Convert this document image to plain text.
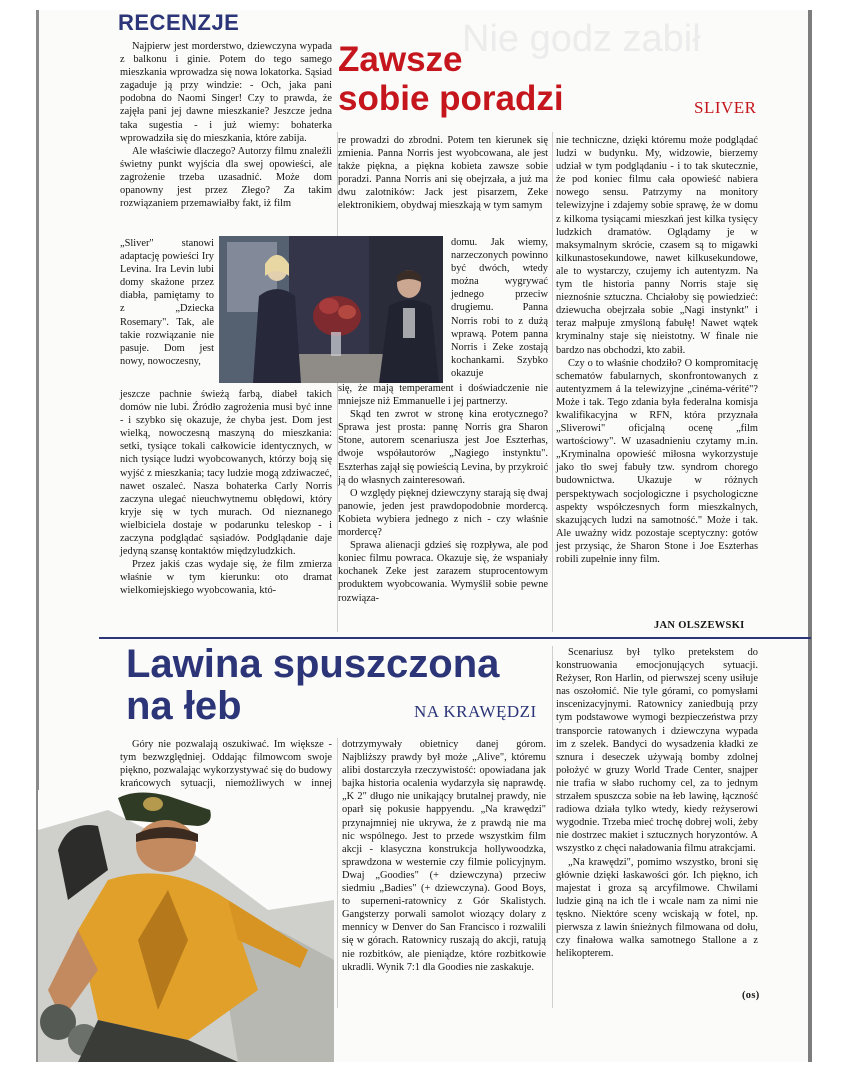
Nie godz zabił
RECENZJE
Zawsze
sobie poradzi	SLIVER

Najpierw jest morderstwo, dziewczyna wypada z balkonu i ginie. Potem do tego samego mieszkania wprowadza się nowa lokatorka. Sąsiad zagaduje ją przy windzie: - Och, jaka pani podobna do Naomi Singer! Czy to prawda, że zajęła pani jej dawne mieszkanie? Jeszcze jedna taka sugestia - i już wiemy: bohaterka wprowadziła się do mieszkania, które zabija.

Ale właściwie dlaczego? Autorzy filmu znaleźli świetny punkt wyjścia dla swej opowieści, ale zagrożenie trzeba uzasadnić. Może dom opanowny jest przez Złego? Za takim rozwiązaniem przemawiałby fakt, iż film

„Sliver" stanowi adaptację powieści Iry Levina. Ira Levin lubi domy skażone przez diabła, pamiętamy to z „Dziecka Rosemary". Tak, ale takie rozwiązanie nie pasuje. Dom jest nowy, nowoczesny,

jeszcze pachnie świeżą farbą, diabeł takich domów nie lubi. Źródło zagrożenia musi być inne - i szybko się okazuje, że chyba jest. Dom jest wielką, nowoczesną maszyną do mieszkania: setki, tysiące tokali całkowicie identycznych, w nich tysiące ludzi wyobcowanych, którzy boją się wyjść z mieszkania; tacy ludzie mogą zdziwaczeć, nawet oszaleć. Nasza bohaterka Carly Norris zaczyna ulegać nieuchwytnemu obłędowi, który kryje się w tych murach. Od nieznanego wielbiciela dostaje w podarunku teleskop - i zaczyna podglądać sąsiadów. Podglądanie daje jedyną szansę kontaktów międzyludzkich.

Przez jakiś czas wydaje się, że film zmierza właśnie w tym kierunku: oto dramat wielkomiejskiego wyobcowania, któ-

re prowadzi do zbrodni. Potem ten kierunek się zmienia. Panna Norris jest wyobcowana, ale jest także piękna, a piękna kobieta zawsze sobie poradzi. Panna Norris ani się obejrzała, a już ma dwu zalotników: Jack jest pisarzem, Zeke elektronikiem, obydwaj mieszkają w tym samym

domu. Jak wiemy, narzeczonych powinno być dwóch, wtedy można wygrywać jednego przeciw drugiemu. Panna Norris robi to z dużą wprawą. Potem panna Norris i Zeke zostają kochankami. Szybko okazuje

się, że mają temperament i doświadczenie nie mniejsze niż Emmanuelle i jej partnerzy.

Skąd ten zwrot w stronę kina erotycznego? Sprawa jest prosta: pannę Norris gra Sharon Stone, autorem scenariusza jest Joe Eszterhas, dwoje współautorów „Nagiego instynktu". Eszterhas zajął się powieścią Levina, by przykroić ją do własnych zainteresowań.

O względy pięknej dziewczyny starają się dwaj panowie, jeden jest prawdopodobnie mordercą. Kobieta wybiera jednego z nich - czy właśnie mordercę?

Sprawa alienacji gdzieś się rozpływa, ale pod koniec filmu powraca. Okazuje się, że wspaniały kochanek Zeke jest zarazem stuprocentowym produktem wyobcowania. Wymyślił sobie pewne rozwiąza-

nie techniczne, dzięki któremu może podglądać ludzi w budynku. My, widzowie, bierzemy udział w tym podglądaniu - i to tak skutecznie, że pod koniec filmu cała opowieść nabiera nowego sensu. Patrzymy na monitory telewizyjne i zdajemy sobie sprawę, że w domu z kilkoma tysiącami mieszkań jest kilka tysięcy ludzkich dramatów. Oglądamy je w maksymalnym skrócie, czasem są to migawki kilkunastosekundowe, nawet kilkusekundowe, ale to wystarczy, czujemy ich autentyzm. Na tym tle historia panny Norris staje się nieznośnie sztuczna. Chciałoby się powiedzieć: dziewucha obejrzała sobie „Nagi instynkt" i teraz małpuje zmyśloną fabułę! Nawet wątek kryminalny staje się nieistotny. W finale nie bardzo nas obchodzi, kto zabił.

Czy o to właśnie chodziło? O kompromitację schematów fabularnych, skonfrontowanych z autentyzmem á la telewizyjne „cinéma-vérité"? Może i tak. Tego zdania była federalna komisja kwalifikacyjna w RFN, która przyznała „Sliverowi" oficjalną ocenę „film wartościowy". W uzasadnieniu czytamy m.in. „Kryminalna opowieść miłosna wykorzystuje jako tło swej fabuły tzw. syndrom chorego budownictwa. Ukazuje w różnych perspektywach socjologiczne i psychologiczne aspekty współczesnych form mieszkalnych, skazujących ludzi na samotność." Może i tak. Ale uważny widz pozostaje sceptyczny: gotów jest przysiąc, że Sharon Stone i Joe Eszterhas robili zupełnie inny film.

JAN OLSZEWSKI
Lawina spuszczona
na łeb	NA KRAWĘDZI

Góry nie pozwalają oszukiwać. Im większe - tym bezwzględniej. Oddając filmowcom swoje piękno, pozwalając wykorzystywać się do budowy krańcowych sytuacji, niemożliwych w innej

dotrzymywały obietnicy danej górom. Najbliższy prawdy był może „Alive", któremu alibi dostarczyła rzeczywistość: opowiadana jak bajka historia ocalenia wydarzyła się naprawdę. „K 2" długo nie unikający brutalnej prawdy, nie oparł się pokusie happyendu. „Na krawędzi" przynajmniej nie ukrywa, że z prawdą nie ma nic wspólnego. Jest to przede wszystkim film akcji - klasyczna konstrukcja hollywoodzka, sprawdzona w westernie czy filmie policyjnym. Dwaj „Goodies" (+ dziewczyna) przeciw siedmiu „Badies" (+ dziewczyna). Good Boys, to superneni-ratownicy z Gór Skalistych. Gangsterzy porwali samolot wiozący dolary z mennicy w Denver do San Francisco i rozwalili się w górach. Ratownicy ruszają do akcji, ratują nie rozbitków, ale pieniądze, które rozbitkowie ukradli. Wynik 7:1 dla Goodies nie zaskakuje.

Scenariusz był tylko pretekstem do konstruowania emocjonujących sytuacji. Reżyser, Ron Harlin, od pierwszej sceny usiłuje nas oszołomić. Nie tyle górami, co pomysłami inscenizacyjnymi. Ratownicy zaniedbują przy tym podstawowe wymogi bezpieczeństwa przy transporcie ratowanych i dziewczyna wypada im z szelek. Bandyci do wysadzenia kładki ze sznura i deseczek używają bomby zdolnej położyć w gruzy World Trade Center, snajper nie trafia w słabo ruchomy cel, za to jednym strzałem spuszcza sobie na łeb lawinę, łączność radiowa działa tylko wtedy, kiedy reżyserowi wygodnie. Trzeba mieć trochę dobrej woli, żeby nie dostrzec makiet i sztucznych horyzontów. A wszystko z chęci naładowania filmu atrakcjami.

„Na krawędzi", pomimo wszystko, broni się głównie dzięki łaskawości gór. Ich piękno, ich majestat i groza są arcyfilmowe. Chwilami ludzie giną na ich tle i wcale nam za nimi nie tęskno. Niektóre sceny wciskają w fotel, np. pierwsza z lawin śnieżnych filmowana od dołu, czy finałowa walka samotnego Stallone a z helikopterem.

(os)
